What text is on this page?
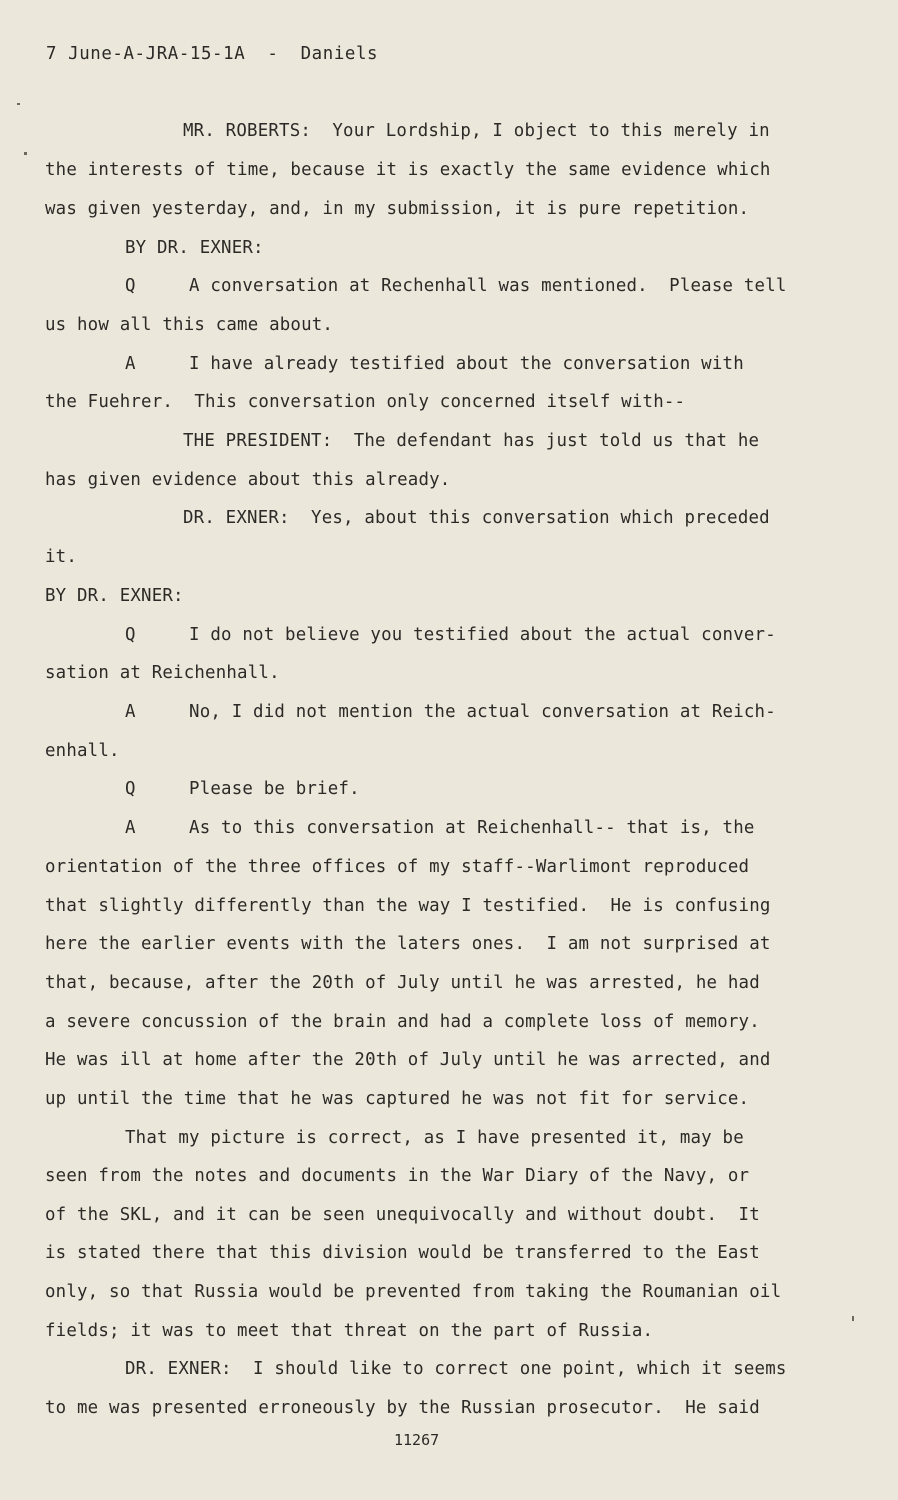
7 June-A-JRA-15-1A  -  Daniels
MR. ROBERTS:  Your Lordship, I object to this merely in
the interests of time, because it is exactly the same evidence which
was given yesterday, and, in my submission, it is pure repetition.
BY DR. EXNER:
Q     A conversation at Rechenhall was mentioned.  Please tell
us how all this came about.
A     I have already testified about the conversation with
the Fuehrer.  This conversation only concerned itself with--
THE PRESIDENT:  The defendant has just told us that he
has given evidence about this already.
DR. EXNER:  Yes, about this conversation which preceded
it.
BY DR. EXNER:
Q     I do not believe you testified about the actual conver-
sation at Reichenhall.
A     No, I did not mention the actual conversation at Reich-
enhall.
Q     Please be brief.
A     As to this conversation at Reichenhall-- that is, the
orientation of the three offices of my staff--Warlimont reproduced
that slightly differently than the way I testified.  He is confusing
here the earlier events with the laters ones.  I am not surprised at
that, because, after the 20th of July until he was arrested, he had
a severe concussion of the brain and had a complete loss of memory.
He was ill at home after the 20th of July until he was arrected, and
up until the time that he was captured he was not fit for service.
That my picture is correct, as I have presented it, may be
seen from the notes and documents in the War Diary of the Navy, or
of the SKL, and it can be seen unequivocally and without doubt.  It
is stated there that this division would be transferred to the East
only, so that Russia would be prevented from taking the Roumanian oil
fields; it was to meet that threat on the part of Russia.
DR. EXNER:  I should like to correct one point, which it seems
to me was presented erroneously by the Russian prosecutor.  He said
11267
